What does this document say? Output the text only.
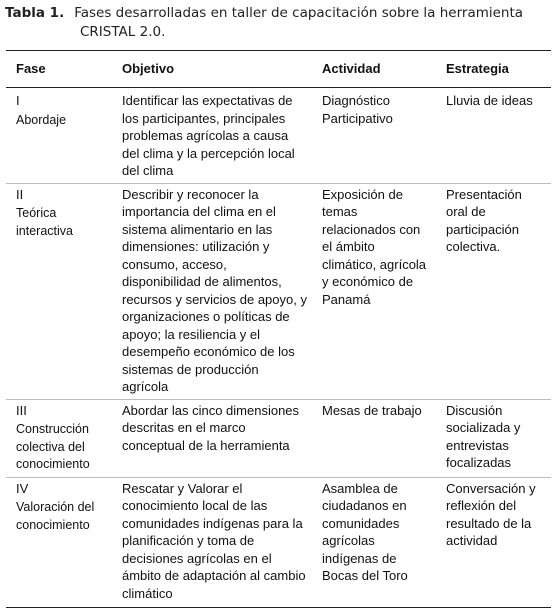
Tabla 1. Fases desarrolladas en taller de capacitación sobre la herramienta
CRISTAL 2.0.
Fase	Objetivo	Actividad	Estrategia

I
Abordaje	Identificar las expectativas de los participantes, principales problemas agrícolas a causa del clima y la percepción local del clima	Diagnóstico Participativo	Lluvia de ideas

II
Teórica interactiva	Describir y reconocer la importancia del clima en el sistema alimentario en las dimensiones: utilización y consumo, acceso, disponibilidad de alimentos, recursos y servicios de apoyo, y organizaciones o políticas de apoyo; la resiliencia y el desempeño económico de los sistemas de producción agrícola	Exposición de temas relacionados con el ámbito climático, agrícola y económico de Panamá	Presentación oral de participación colectiva.

III
Construcción colectiva del conocimiento	Abordar las cinco dimensiones descritas en el marco conceptual de la herramienta	Mesas de trabajo	Discusión socializada y entrevistas focalizadas

IV
Valoración del conocimiento	Rescatar y Valorar el conocimiento local de las comunidades indígenas para la planificación y toma de decisiones agrícolas en el ámbito de adaptación al cambio climático	Asamblea de ciudadanos en comunidades agrícolas indígenas de Bocas del Toro	Conversación y reflexión del resultado de la actividad
